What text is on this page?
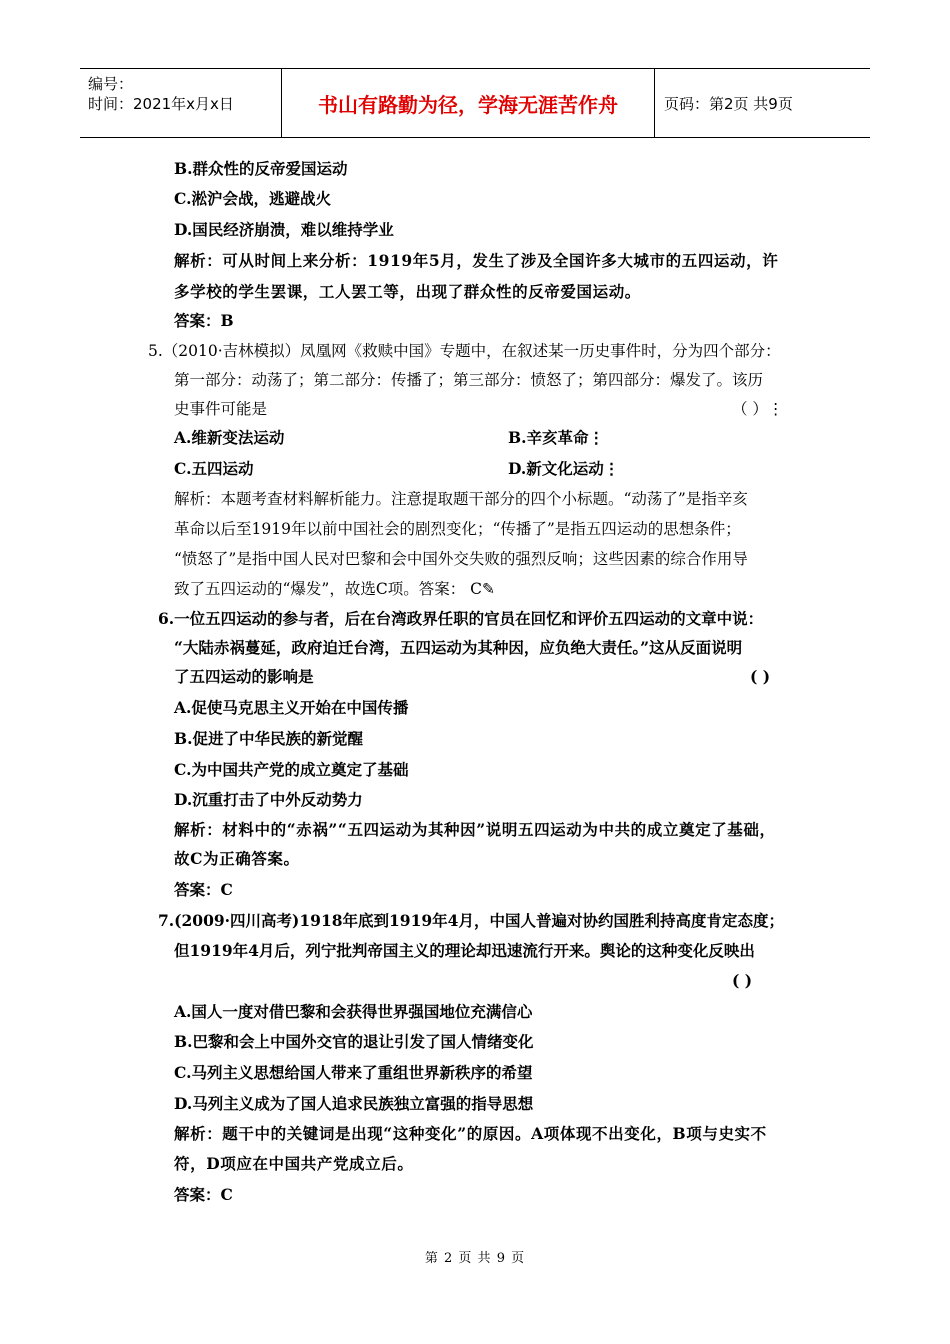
编号：
时间：2021年x月x日	书山有路勤为径，学海无涯苦作舟	页码：第2页 共9页
B.群众性的反帝爱国运动
C.淞沪会战，逃避战火
D.国民经济崩溃，难以维持学业
解析：可从时间上来分析：1919年5月，发生了涉及全国许多大城市的五四运动，许
多学校的学生罢课，工人罢工等，出现了群众性的反帝爱国运动。
答案：B
5.（2010·吉林模拟）凤凰网《救赎中国》专题中，在叙述某一历史事件时，分为四个部分：
第一部分：动荡了；第二部分：传播了；第三部分：愤怒了；第四部分：爆发了。该历
史事件可能是	（ ）⋮
A.维新变法运动	B.辛亥革命⋮
C.五四运动	D.新文化运动⋮
解析：本题考查材料解析能力。注意提取题干部分的四个小标题。“动荡了”是指辛亥
革命以后至1919年以前中国社会的剧烈变化；“传播了”是指五四运动的思想条件；
“愤怒了”是指中国人民对巴黎和会中国外交失败的强烈反响；这些因素的综合作用导
致了五四运动的“爆发”，故选C项。答案： C✎
6.一位五四运动的参与者，后在台湾政界任职的官员在回忆和评价五四运动的文章中说：
“大陆赤祸蔓延，政府迫迁台湾，五四运动为其种因，应负绝大责任。”这从反面说明
了五四运动的影响是	( )
A.促使马克思主义开始在中国传播
B.促进了中华民族的新觉醒
C.为中国共产党的成立奠定了基础
D.沉重打击了中外反动势力
解析：材料中的“赤祸”“五四运动为其种因”说明五四运动为中共的成立奠定了基础，
故C为正确答案。
答案：C
7.(2009·四川高考)1918年底到1919年4月，中国人普遍对协约国胜利持高度肯定态度；
但1919年4月后，列宁批判帝国主义的理论却迅速流行开来。舆论的这种变化反映出
( )
A.国人一度对借巴黎和会获得世界强国地位充满信心
B.巴黎和会上中国外交官的退让引发了国人情绪变化
C.马列主义思想给国人带来了重组世界新秩序的希望
D.马列主义成为了国人追求民族独立富强的指导思想
解析：题干中的关键词是出现“这种变化”的原因。A项体现不出变化，B项与史实不
符，D项应在中国共产党成立后。
答案：C
第 2 页 共 9 页
